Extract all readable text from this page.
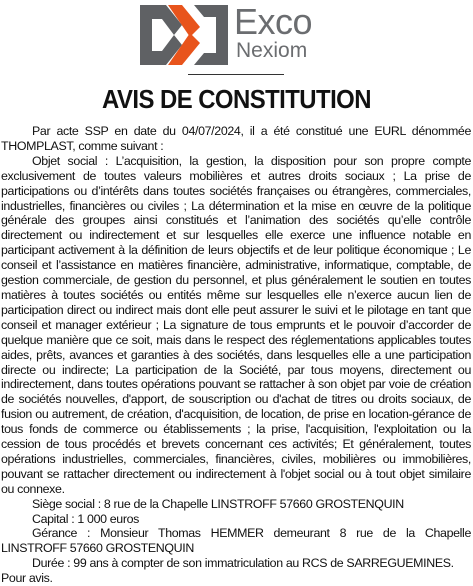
Exco
Nexiom
AVIS DE CONSTITUTION

Par acte SSP en date du 04/07/2024, il a été constitué une EURL dénommée THOMPLAST, comme suivant :

Objet social : L’acquisition, la gestion, la disposition pour son propre compte exclusivement de toutes valeurs mobilières et autres droits sociaux ; La prise de participations ou d’intérêts dans toutes sociétés françaises ou étrangères, commerciales, industrielles, financières ou civiles ; La détermination et la mise en œuvre de la politique générale des groupes ainsi constitués et l’animation des sociétés qu’elle contrôle directement ou indirectement et sur lesquelles elle exerce une influence notable en participant activement à la définition de leurs objectifs et de leur politique économique ; Le conseil et l’assistance en matières financière, administrative, informatique, comptable, de gestion commerciale, de gestion du personnel, et plus généralement le soutien en toutes matières à toutes sociétés ou entités même sur lesquelles elle n’exerce aucun lien de participation direct ou indirect mais dont elle peut assurer le suivi et le pilotage en tant que conseil et manager extérieur ; La signature de tous emprunts et le pouvoir d’accorder de quelque manière que ce soit, mais dans le respect des réglementations applicables toutes aides, prêts, avances et garanties à des sociétés, dans lesquelles elle a une participation directe ou indirecte; La participation de la Société, par tous moyens, directement ou indirectement, dans toutes opérations pouvant se rattacher à son objet par voie de création de sociétés nouvelles, d'apport, de souscription ou d'achat de titres ou droits sociaux, de fusion ou autrement, de création, d'acquisition, de location, de prise en location-gérance de tous fonds de commerce ou établissements ; la prise, l'acquisition, l'exploitation ou la cession de tous procédés et brevets concernant ces activités; Et généralement, toutes opérations industrielles, commerciales, financières, civiles, mobilières ou immobilières, pouvant se rattacher directement ou indirectement à l'objet social ou à tout objet similaire ou connexe.

Siège social : 8 rue de la Chapelle LINSTROFF 57660 GROSTENQUIN

Capital : 1 000 euros

Gérance : Monsieur Thomas HEMMER demeurant 8 rue de la Chapelle LINSTROFF 57660 GROSTENQUIN

Durée : 99 ans à compter de son immatriculation au RCS de SARREGUEMINES.

Pour avis.
